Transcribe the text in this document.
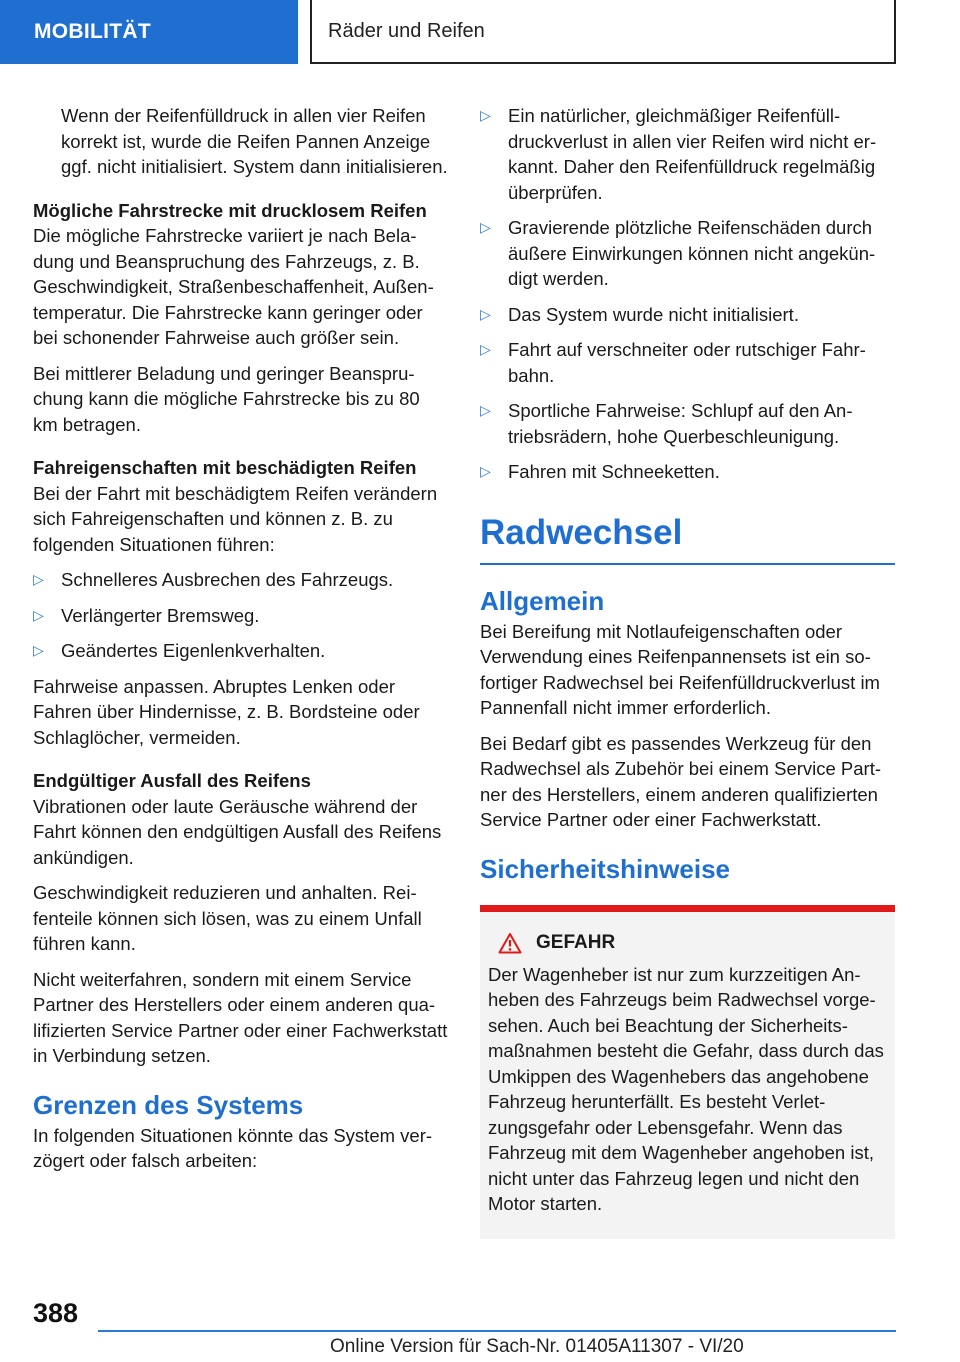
MOBILITÄT	Räder und Reifen

Wenn der Reifenfülldruck in allen vier Reifen korrekt ist, wurde die Reifen Pannen Anzeige ggf. nicht initialisiert. System dann initialisieren.

Mögliche Fahrstrecke mit drucklosem Reifen

Die mögliche Fahrstrecke variiert je nach Beladung und Beanspruchung des Fahrzeugs, z. B. Geschwindigkeit, Straßenbeschaffenheit, Außentemperatur. Die Fahrstrecke kann geringer oder bei schonender Fahrweise auch größer sein.

Bei mittlerer Beladung und geringer Beanspruchung kann die mögliche Fahrstrecke bis zu 80 km betragen.

Fahreigenschaften mit beschädigten Reifen

Bei der Fahrt mit beschädigtem Reifen verändern sich Fahreigenschaften und können z. B. zu folgenden Situationen führen:

▷ Schnelleres Ausbrechen des Fahrzeugs.
▷ Verlängerter Bremsweg.
▷ Geändertes Eigenlenkverhalten.

Fahrweise anpassen. Abruptes Lenken oder Fahren über Hindernisse, z. B. Bordsteine oder Schlaglöcher, vermeiden.

Endgültiger Ausfall des Reifens

Vibrationen oder laute Geräusche während der Fahrt können den endgültigen Ausfall des Reifens ankündigen.

Geschwindigkeit reduzieren und anhalten. Reifenteile können sich lösen, was zu einem Unfall führen kann.

Nicht weiterfahren, sondern mit einem Service Partner des Herstellers oder einem anderen qualifizierten Service Partner oder einer Fachwerkstatt in Verbindung setzen.

Grenzen des Systems

In folgenden Situationen könnte das System verzögert oder falsch arbeiten:

▷ Ein natürlicher, gleichmäßiger Reifenfülldruckverlust in allen vier Reifen wird nicht erkannt. Daher den Reifenfülldruck regelmäßig überprüfen.
▷ Gravierende plötzliche Reifenschäden durch äußere Einwirkungen können nicht angekündigt werden.
▷ Das System wurde nicht initialisiert.
▷ Fahrt auf verschneiter oder rutschiger Fahrbahn.
▷ Sportliche Fahrweise: Schlupf auf den Antriebsrädern, hohe Querbeschleunigung.
▷ Fahren mit Schneeketten.
Radwechsel
Allgemein

Bei Bereifung mit Notlaufeigenschaften oder Verwendung eines Reifenpannensets ist ein sofortiger Radwechsel bei Reifenfülldruckverlust im Pannenfall nicht immer erforderlich.

Bei Bedarf gibt es passendes Werkzeug für den Radwechsel als Zubehör bei einem Service Partner des Herstellers, einem anderen qualifizierten Service Partner oder einer Fachwerkstatt.

Sicherheitshinweise
GEFAHR

Der Wagenheber ist nur zum kurzzeitigen Anheben des Fahrzeugs beim Radwechsel vorgesehen. Auch bei Beachtung der Sicherheitsmaßnahmen besteht die Gefahr, dass durch das Umkippen des Wagenhebers das angehobene Fahrzeug herunterfällt. Es besteht Verletzungsgefahr oder Lebensgefahr. Wenn das Fahrzeug mit dem Wagenheber angehoben ist, nicht unter das Fahrzeug legen und nicht den Motor starten.

388
Online Version für Sach-Nr. 01405A11307 - VI/20
